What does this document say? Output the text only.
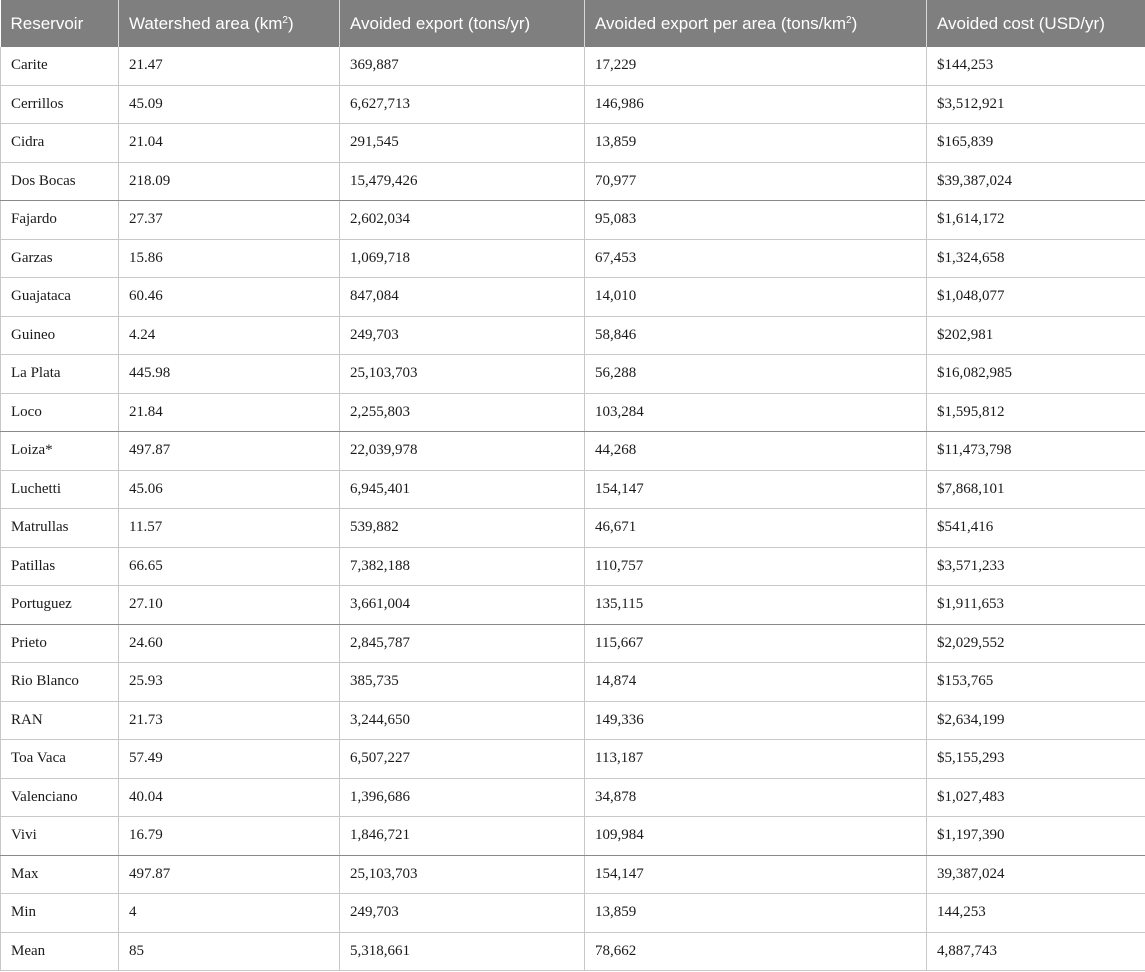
Reservoir	Watershed area $(km^2)$	Avoided export (tons/yr)	Avoided export per area $(tons/km^2)$	Avoided cost (USD/yr)
Carite	21.47	369,887	17,229	$144,253
Cerrillos	45.09	6,627,713	146,986	$3,512,921
Cidra	21.04	291,545	13,859	$165,839
Dos Bocas	218.09	15,479,426	70,977	$39,387,024
Fajardo	27.37	2,602,034	95,083	$1,614,172
Garzas	15.86	1,069,718	67,453	$1,324,658
Guajataca	60.46	847,084	14,010	$1,048,077
Guineo	4.24	249,703	58,846	$202,981
La Plata	445.98	25,103,703	56,288	$16,082,985
Loco	21.84	2,255,803	103,284	$1,595,812
Loiza*	497.87	22,039,978	44,268	$11,473,798
Luchetti	45.06	6,945,401	154,147	$7,868,101
Matrullas	11.57	539,882	46,671	$541,416
Patillas	66.65	7,382,188	110,757	$3,571,233
Portuguez	27.10	3,661,004	135,115	$1,911,653
Prieto	24.60	2,845,787	115,667	$2,029,552
Rio Blanco	25.93	385,735	14,874	$153,765
RAN	21.73	3,244,650	149,336	$2,634,199
Toa Vaca	57.49	6,507,227	113,187	$5,155,293
Valenciano	40.04	1,396,686	34,878	$1,027,483
Vivi	16.79	1,846,721	109,984	$1,197,390
Max	497.87	25,103,703	154,147	39,387,024
Min	4	249,703	13,859	144,253
Mean	85	5,318,661	78,662	4,887,743
